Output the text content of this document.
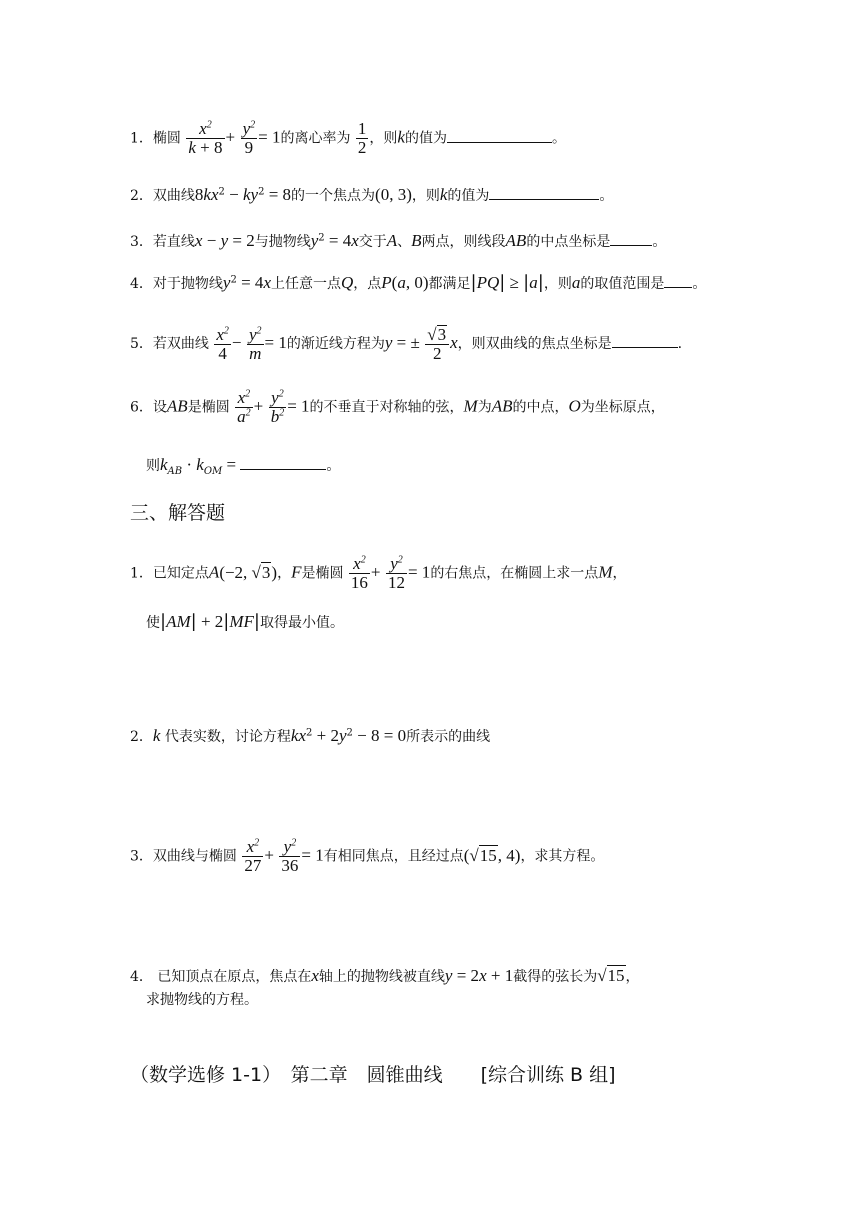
1．椭圆 $\frac{x^2}{k + 8} + \frac{y^2}{9} = 1$的离心率为 $\frac{1}{2}$ ，则k的值为	。
2．双曲线$8kx^2 - ky^2 = 8$的一个焦点为(0, 3)，则k的值为	。
3．若直线x − y = 2与抛物线$y^2 = 4x$交于A、B两点，则线段AB的中点坐标是	。
4．对于抛物线$y^2 = 4x$上任意一点Q，点P(a, 0)都满足|PQ| ≥ |a|，则a的取值范围是 。
5．若双曲线 $\frac{x^2}{4} - \frac{y^2}{m} = 1$的渐近线方程为y = ± $\frac{√3}{2}$ x，则双曲线的焦点坐标是	.
6．设AB是椭圆 $\frac{x^2}{a^2} + \frac{y^2}{b^2} = 1$的不垂直于对称轴的弦，M为AB的中点，O为坐标原点，
则$k_{AB} \cdot k_{OM}$ =	。
三、解答题
1．已知定点A(−2, √3)，F是椭圆 $\frac{x^2}{16} + \frac{y^2}{12} = 1$的右焦点，在椭圆上求一点M，
使|AM| + 2|MF|取得最小值。
2．k 代表实数，讨论方程$kx^2 + 2y^2 - 8 = 0$所表示的曲线
3．双曲线与椭圆 $\frac{x^2}{27} + \frac{y^2}{36} = 1$有相同焦点，且经过点(√15, 4)，求其方程。
4． 已知顶点在原点，焦点在x轴上的抛物线被直线y = 2x + 1截得的弦长为√15，
求抛物线的方程。
（数学选修 1-1）　第二章　圆锥曲线　　[综合训练 B 组]
